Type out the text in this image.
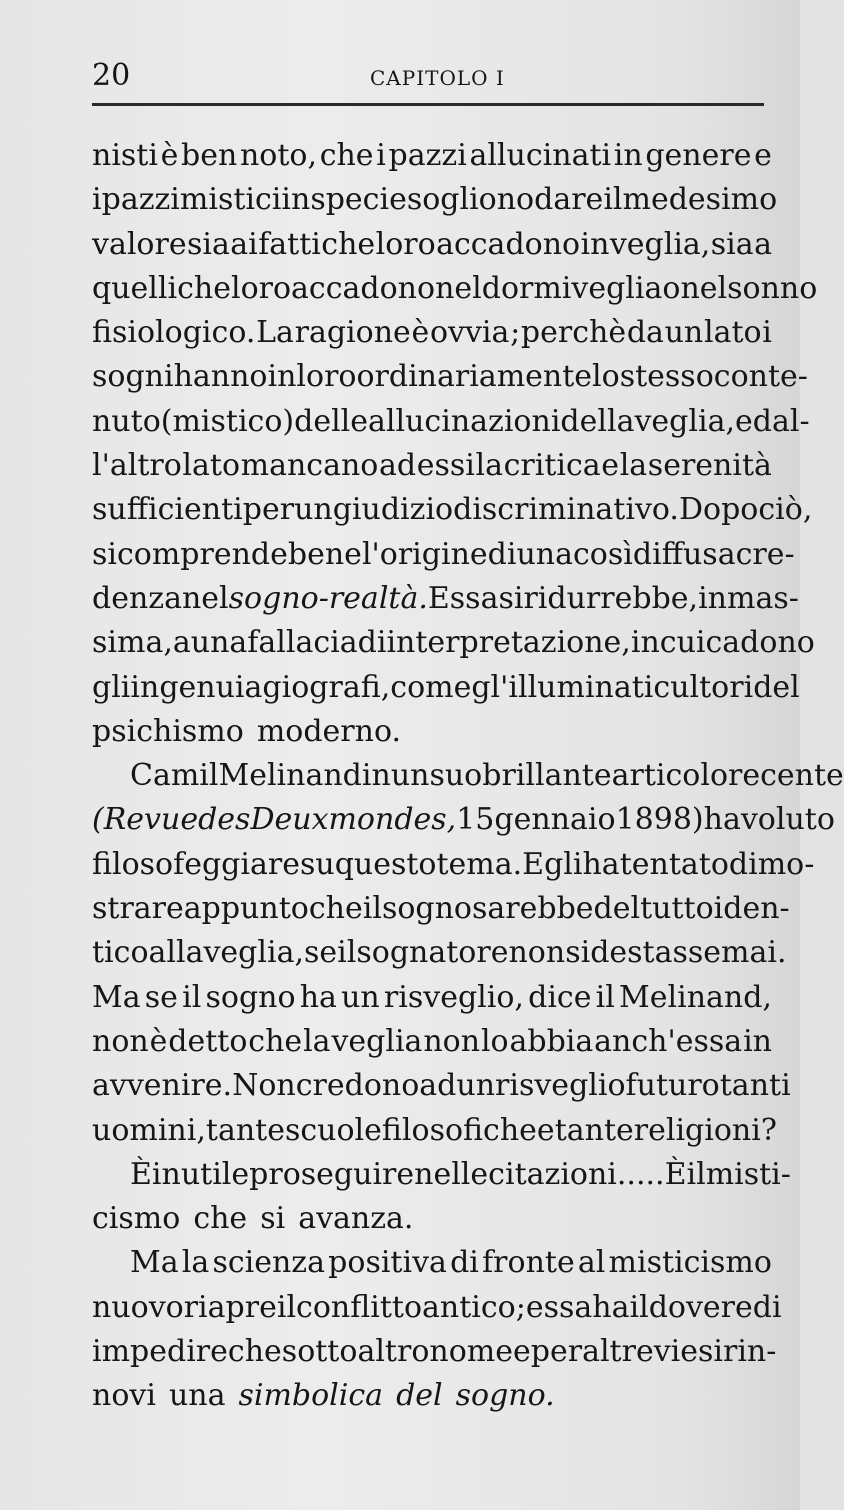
20	CAPITOLO I
nisti è ben noto, che i pazzi allucinati in genere e
i pazzi mistici in specie sogliono dare il medesimo
valore sia ai fatti che loro accadono in veglia, sia a
quelli che loro accadono nel dormiveglia o nel sonno
fisiologico. La ragione è ovvia ; perchè da un lato i
sogni hanno in loro ordinariamente lo stesso conte-
nuto (mistico) delle allucinazioni della veglia, e dal-
l'altro lato mancano ad essi la critica e la serenità
sufficienti per un giudizio discriminativo. Dopo ciò,
si comprende bene l'origine di una così diffusa cre-
denza nel sogno-realtà. Essa si ridurrebbe, in mas-
sima, a una fallacia di interpretazione, in cui cadono
gli ingenui agiografi, come gl'illuminati cultori del
psichismo moderno.
Camil Melinand in un suo brillante articolo recente
(Revue des Deux mondes, 15 gennaio 1898) ha voluto
filosofeggiare su questo tema. Egli ha tentato dimo-
strare appunto che il sogno sarebbe del tutto iden-
tico alla veglia, se il sognatore non si destasse mai.
Ma se il sogno ha un risveglio, dice il Melinand,
non è detto che la veglia non lo abbia anch'essa in
avvenire. Non credono ad un risveglio futuro tanti
uomini, tante scuole filosofiche e tante religioni ?
È inutile proseguire nelle citazioni..... È il misti-
cismo che si avanza.
Ma la scienza positiva di fronte al misticismo
nuovo riapre il conflitto antico; essa ha il dovere di
impedire che sotto altro nome e per altre vie si rin-
novi una simbolica del sogno.
